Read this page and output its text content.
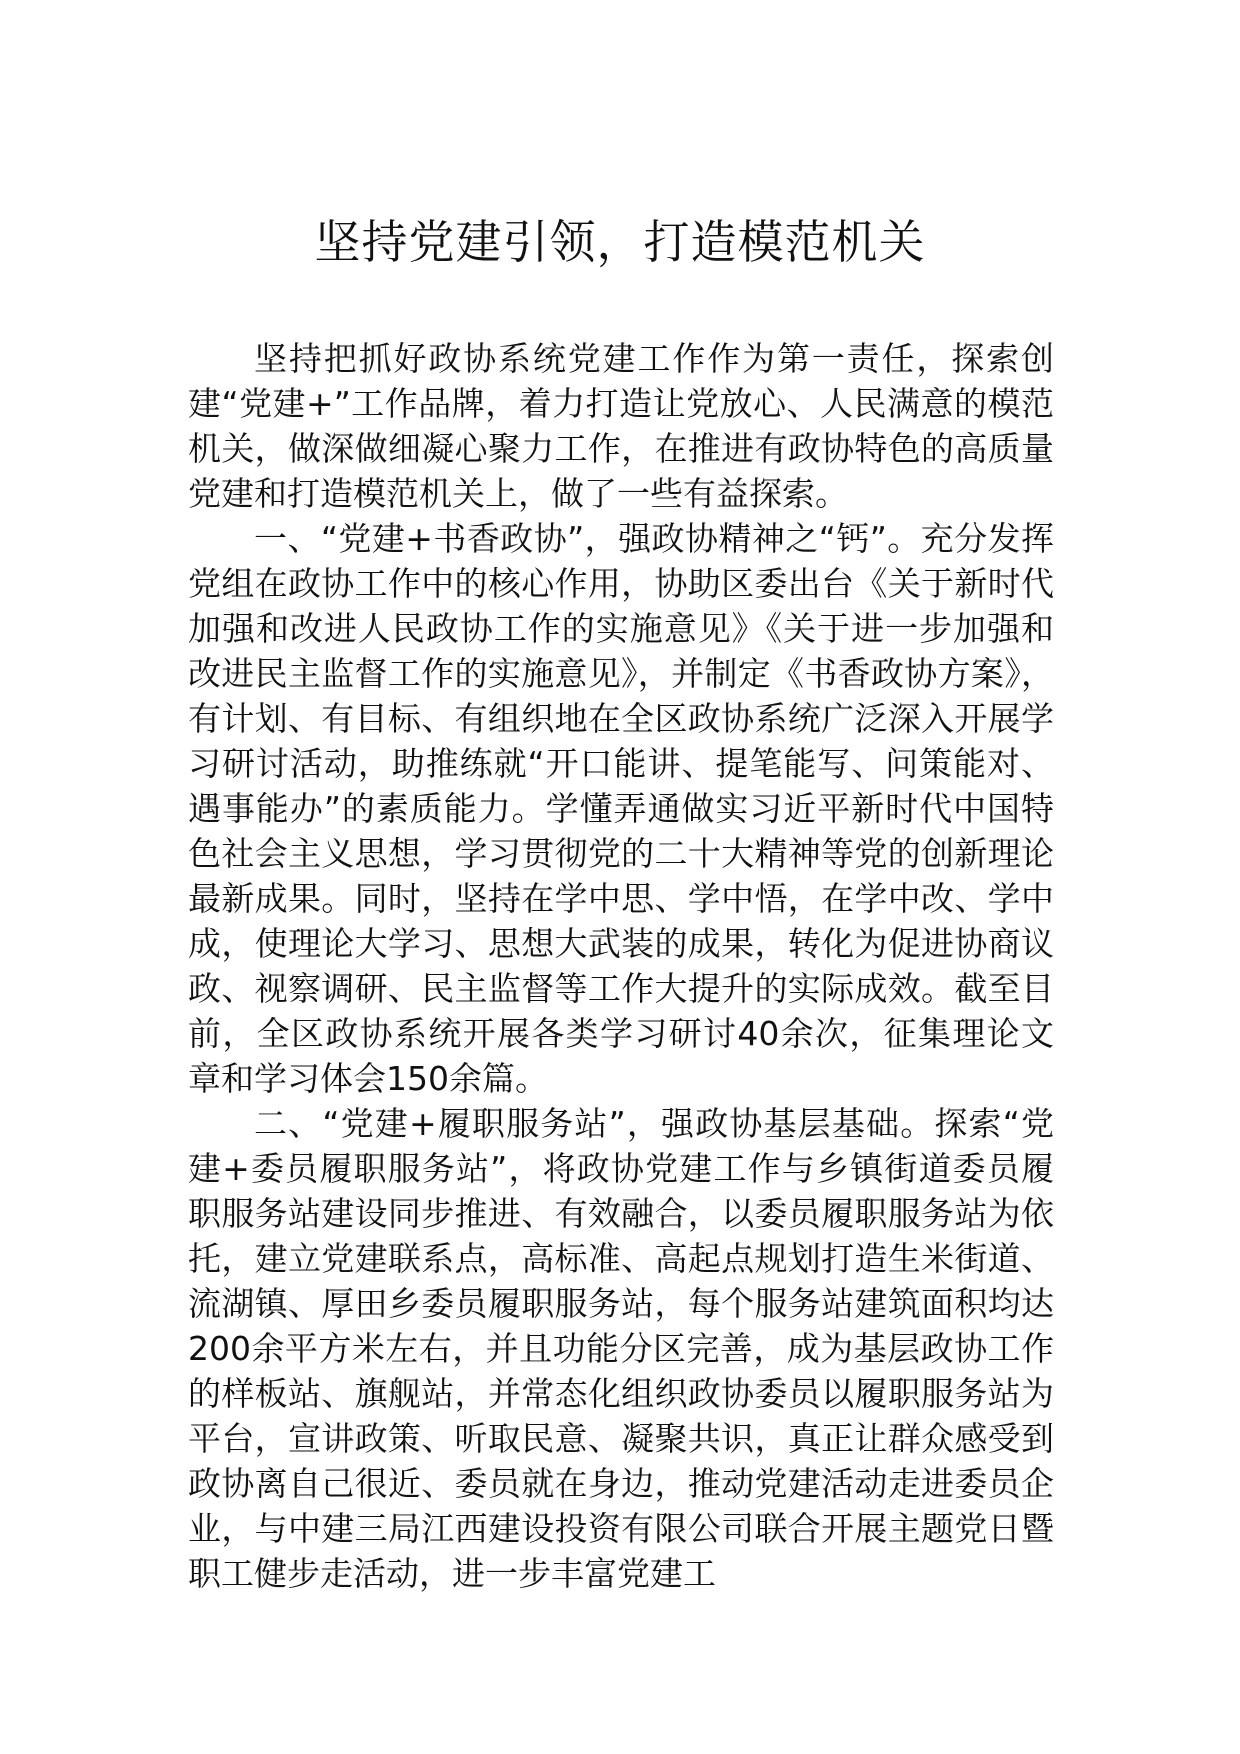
坚持党建引领，打造模范机关

坚持把抓好政协系统党建工作作为第一责任，探索创建“党建+”工作品牌，着力打造让党放心、人民满意的模范机关，做深做细凝心聚力工作，在推进有政协特色的高质量党建和打造模范机关上，做了一些有益探索。

一、“党建+书香政协”，强政协精神之“钙”。充分发挥党组在政协工作中的核心作用，协助区委出台《关于新时代加强和改进人民政协工作的实施意见》《关于进一步加强和改进民主监督工作的实施意见》，并制定《书香政协方案》，有计划、有目标、有组织地在全区政协系统广泛深入开展学习研讨活动，助推练就“开口能讲、提笔能写、问策能对、遇事能办”的素质能力。学懂弄通做实习近平新时代中国特色社会主义思想，学习贯彻党的二十大精神等党的创新理论最新成果。同时，坚持在学中思、学中悟，在学中改、学中成，使理论大学习、思想大武装的成果，转化为促进协商议政、视察调研、民主监督等工作大提升的实际成效。截至目前，全区政协系统开展各类学习研讨40余次，征集理论文章和学习体会150余篇。

二、“党建+履职服务站”，强政协基层基础。探索“党建+委员履职服务站”，将政协党建工作与乡镇街道委员履职服务站建设同步推进、有效融合，以委员履职服务站为依托，建立党建联系点，高标准、高起点规划打造生米街道、流湖镇、厚田乡委员履职服务站，每个服务站建筑面积均达200余平方米左右，并且功能分区完善，成为基层政协工作的样板站、旗舰站，并常态化组织政协委员以履职服务站为平台，宣讲政策、听取民意、凝聚共识，真正让群众感受到政协离自己很近、委员就在身边，推动党建活动走进委员企业，与中建三局江西建设投资有限公司联合开展主题党日暨职工健步走活动，进一步丰富党建工
